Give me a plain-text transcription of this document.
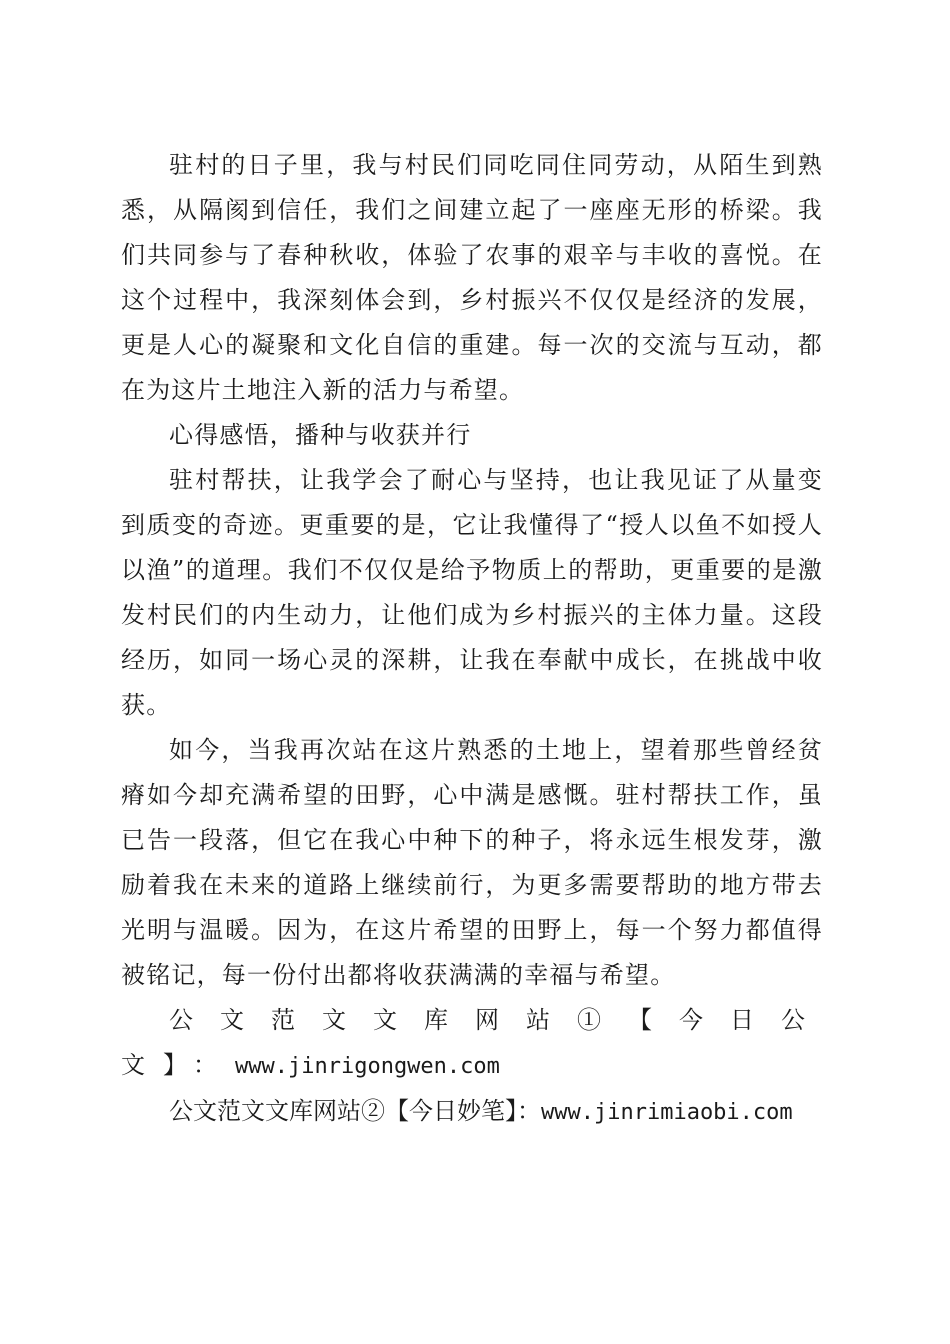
驻村的日子里，我与村民们同吃同住同劳动，从陌生到熟悉，从隔阂到信任，我们之间建立起了一座座无形的桥梁。我们共同参与了春种秋收，体验了农事的艰辛与丰收的喜悦。在这个过程中，我深刻体会到，乡村振兴不仅仅是经济的发展，更是人心的凝聚和文化自信的重建。每一次的交流与互动，都在为这片土地注入新的活力与希望。

心得感悟，播种与收获并行

驻村帮扶，让我学会了耐心与坚持，也让我见证了从量变到质变的奇迹。更重要的是，它让我懂得了“授人以鱼不如授人以渔”的道理。我们不仅仅是给予物质上的帮助，更重要的是激发村民们的内生动力，让他们成为乡村振兴的主体力量。这段经历，如同一场心灵的深耕，让我在奉献中成长，在挑战中收获。

如今，当我再次站在这片熟悉的土地上，望着那些曾经贫瘠如今却充满希望的田野，心中满是感慨。驻村帮扶工作，虽已告一段落，但它在我心中种下的种子，将永远生根发芽，激励着我在未来的道路上继续前行，为更多需要帮助的地方带去光明与温暖。因为，在这片希望的田野上，每一个努力都值得被铭记，每一份付出都将收获满满的幸福与希望。

公文范文文库网站①【今日公文】：www.jinrigongwen.com

公文范文文库网站②【今日妙笔】：www.jinrimiaobi.com
